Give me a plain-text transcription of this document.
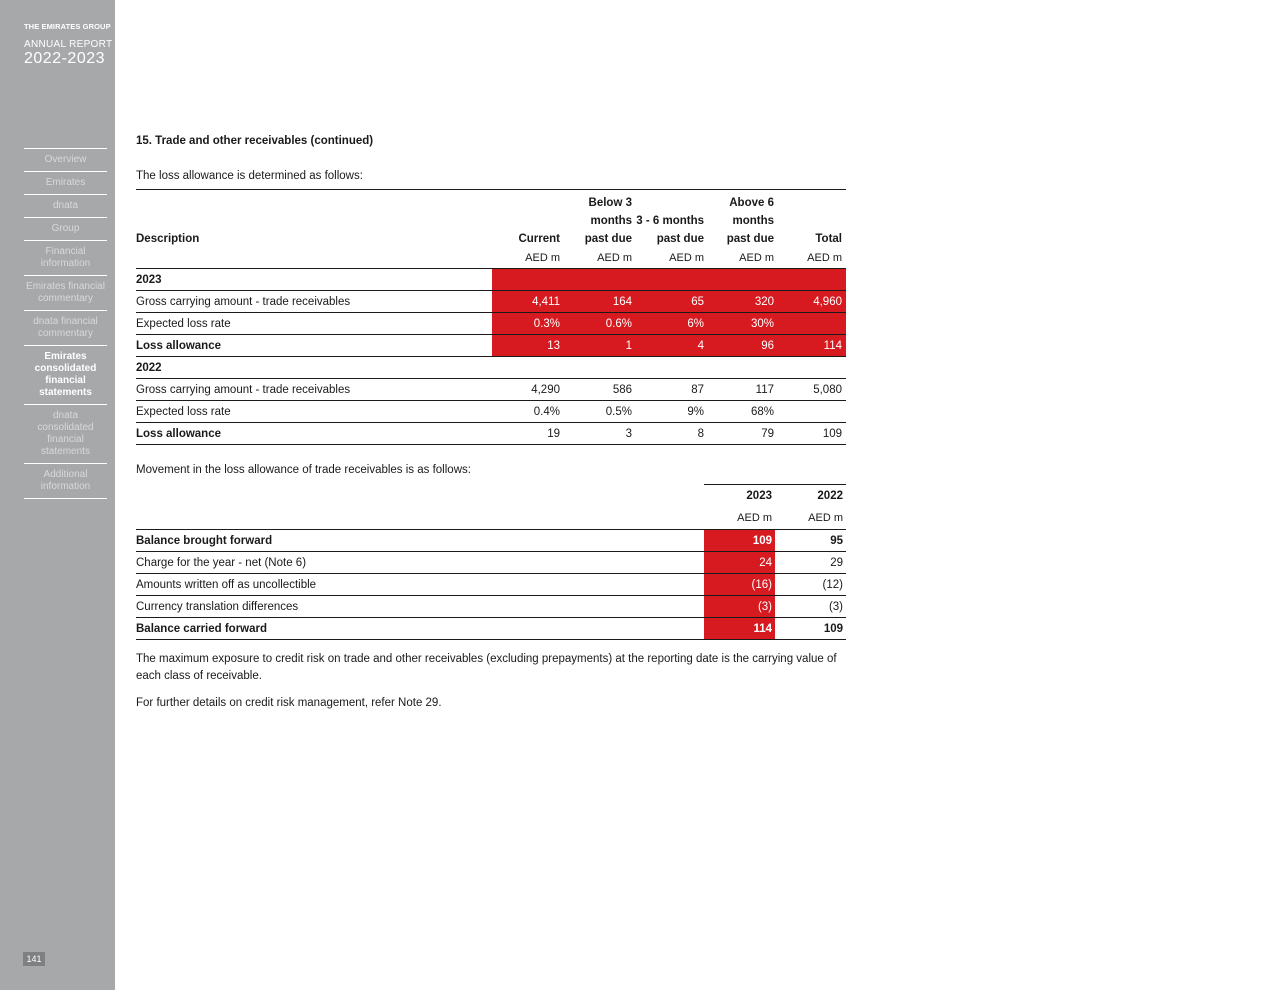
THE EMIRATES GROUP
ANNUAL REPORT
2022-2023
Overview
Emirates
dnata
Group
Financial information
Emirates financial commentary
dnata financial commentary
Emirates consolidated financial statements
dnata consolidated financial statements
Additional information
141
15. Trade and other receivables (continued)
The loss allowance is determined as follows:
Description	Current	Below 3 months past due	3 - 6 months past due	Above 6 months past due	Total
	AED m	AED m	AED m	AED m	AED m
2023					
Gross carrying amount - trade receivables	4,411	164	65	320	4,960
Expected loss rate	0.3%	0.6%	6%	30%	
Loss allowance	13	1	4	96	114
2022					
Gross carrying amount - trade receivables	4,290	586	87	117	5,080
Expected loss rate	0.4%	0.5%	9%	68%	
Loss allowance	19	3	8	79	109
Movement in the loss allowance of trade receivables is as follows:
	2023	2022
	AED m	AED m
Balance brought forward	109	95
Charge for the year - net (Note 6)	24	29
Amounts written off as uncollectible	(16)	(12)
Currency translation differences	(3)	(3)
Balance carried forward	114	109
The maximum exposure to credit risk on trade and other receivables (excluding prepayments) at the reporting date is the carrying value of each class of receivable.
For further details on credit risk management, refer Note 29.
